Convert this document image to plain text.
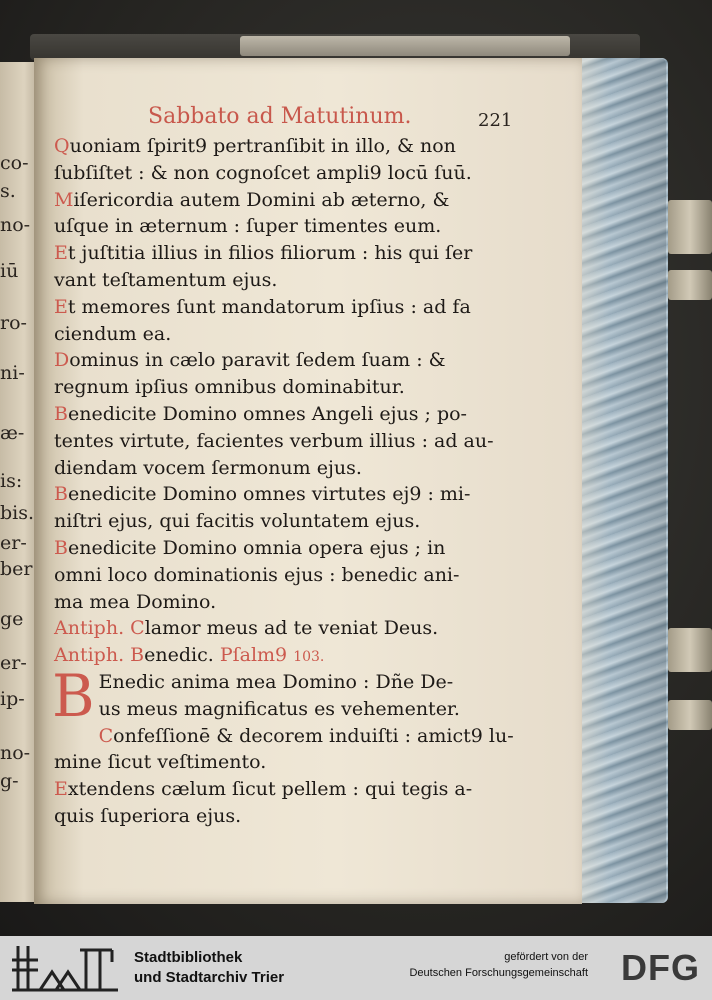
co-
s.
no-
iū
ro-
ni-
æ-
is:
bis.
er-
ber
ge
er-
ip-
no-
g-
Sabbato ad Matutinum.	221
Quoniam ſpirit9 pertranſibit in illo, & non
ſubſiſtet : & non cognoſcet ampli9 locū ſuū.
Miſericordia autem Domini ab æterno, &
uſque in æternum : ſuper timentes eum.
Et juſtitia illius in filios filiorum : his qui ſer
vant teſtamentum ejus.
Et memores ſunt mandatorum ipſius : ad fa
ciendum ea.
Dominus in cælo paravit ſedem ſuam : &
regnum ipſius omnibus dominabitur.
Benedicite Domino omnes Angeli ejus ; po-
tentes virtute, facientes verbum illius : ad au-
diendam vocem ſermonum ejus.
Benedicite Domino omnes virtutes ej9 : mi-
niſtri ejus, qui facitis voluntatem ejus.
Benedicite Domino omnia opera ejus ; in
omni loco dominationis ejus : benedic ani-
ma mea Domino.
Antiph. Clamor meus ad te veniat Deus.
Antiph. Benedic. Pſalm9 103.
B Enedic anima mea Domino : Dñe De-
us meus magnificatus es vehementer.
Confeſſionē & decorem induiſti : amict9 lu-
mine ſicut veſtimento.
Extendens cælum ſicut pellem : qui tegis a-
quis ſuperiora ejus.
Stadtbibliothek
und Stadtarchiv Trier
gefördert von der
Deutschen Forschungsgemeinschaft DFG
